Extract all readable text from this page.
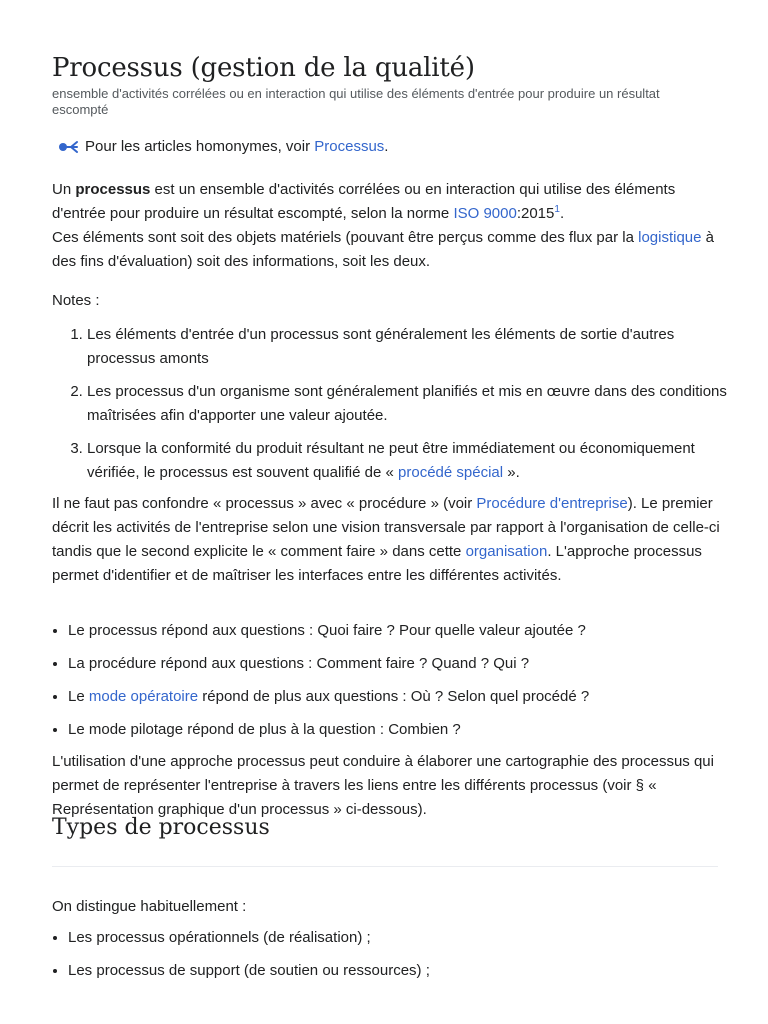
Processus (gestion de la qualité)

ensemble d'activités corrélées ou en interaction qui utilise des éléments d'entrée pour produire un résultat escompté

Pour les articles homonymes, voir
Processus .

Un processus est un ensemble d'activités corrélées ou en interaction qui utilise des éléments d'entrée pour produire un résultat escompté, selon la norme ISO 9000:2015$^1$.
Ces éléments sont soit des objets matériels (pouvant être perçus comme des flux par la logistique à des fins d'évaluation) soit des informations, soit les deux.

Notes :

1. Les éléments d'entrée d'un processus sont généralement les éléments de sortie d'autres processus amonts
2. Les processus d'un organisme sont généralement planifiés et mis en œuvre dans des conditions maîtrisées afin d'apporter une valeur ajoutée.
3. Lorsque la conformité du produit résultant ne peut être immédiatement ou économiquement vérifiée, le processus est souvent qualifié de « procédé spécial ».

Il ne faut pas confondre « processus » avec « procédure » (voir Procédure d'entreprise). Le premier décrit les activités de l'entreprise selon une vision transversale par rapport à l'organisation de celle-ci tandis que le second explicite le « comment faire » dans cette organisation. L'approche processus permet d'identifier et de maîtriser les interfaces entre les différentes activités.

• Le processus répond aux questions : Quoi faire ? Pour quelle valeur ajoutée ?
• La procédure répond aux questions : Comment faire ? Quand ? Qui ?
• Le mode opératoire répond de plus aux questions : Où ? Selon quel procédé ?
• Le mode pilotage répond de plus à la question : Combien ?

L'utilisation d'une approche processus peut conduire à élaborer une cartographie des processus qui permet de représenter l'entreprise à travers les liens entre les différents processus (voir § « Représentation graphique d'un processus » ci-dessous).

Types de processus

On distingue habituellement :

• Les processus opérationnels (de réalisation) ;
• Les processus de support (de soutien ou ressources) ;
